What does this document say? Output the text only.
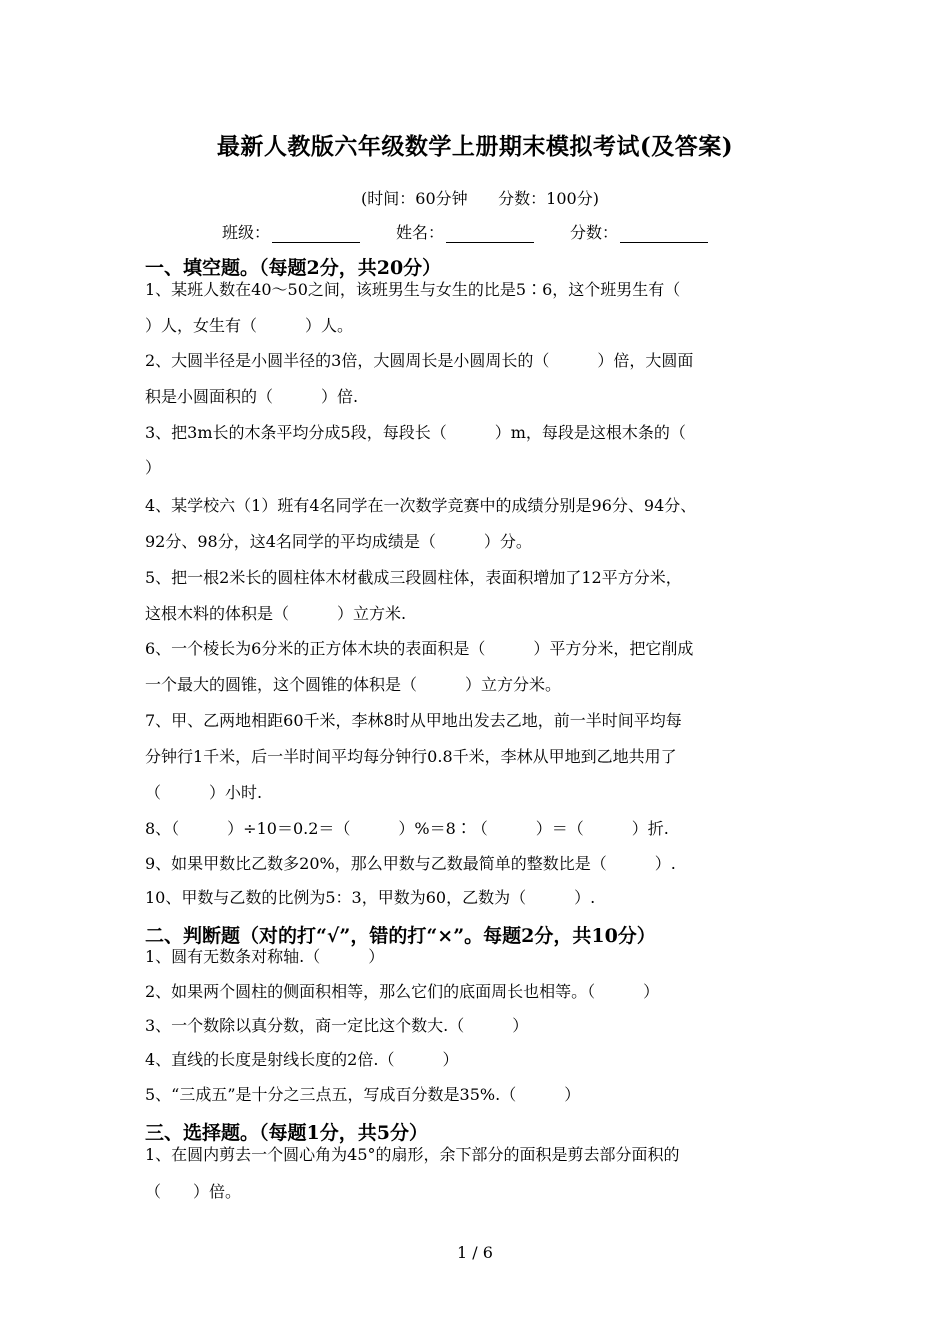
最新人教版六年级数学上册期末模拟考试(及答案)
(时间：60分钟 分数：100分)
班级：	姓名：	分数：
一、填空题。（每题2分，共20分）
1、某班人数在40～50之间，该班男生与女生的比是5∶6，这个班男生有（
）人，女生有（　　　）人。
2、大圆半径是小圆半径的3倍，大圆周长是小圆周长的（　　　）倍，大圆面
积是小圆面积的（　　　）倍.
3、把3m长的木条平均分成5段，每段长（　　　）m，每段是这根木条的（
）
4、某学校六（1）班有4名同学在一次数学竞赛中的成绩分别是96分、94分、
92分、98分，这4名同学的平均成绩是（　　　）分。
5、把一根2米长的圆柱体木材截成三段圆柱体，表面积增加了12平方分米，
这根木料的体积是（　　　）立方米.
6、一个棱长为6分米的正方体木块的表面积是（　　　）平方分米，把它削成
一个最大的圆锥，这个圆锥的体积是（　　　）立方分米。
7、甲、乙两地相距60千米，李林8时从甲地出发去乙地，前一半时间平均每
分钟行1千米，后一半时间平均每分钟行0.8千米，李林从甲地到乙地共用了
（　　　）小时.
8、（　　　）÷10＝0.2＝（　　　）%＝8∶（　　　）＝（　　　）折.
9、如果甲数比乙数多20%，那么甲数与乙数最简单的整数比是（　　　）.
10、甲数与乙数的比例为5：3，甲数为60，乙数为（　　　）.
二、判断题（对的打“√”，错的打“×”。每题2分，共10分）
1、圆有无数条对称轴.（　　　）
2、如果两个圆柱的侧面积相等，那么它们的底面周长也相等。（　　　）
3、一个数除以真分数，商一定比这个数大.（　　　）
4、直线的长度是射线长度的2倍.（　　　）
5、“三成五”是十分之三点五，写成百分数是35%.（　　　）
三、选择题。（每题1分，共5分）
1、在圆内剪去一个圆心角为45°的扇形，余下部分的面积是剪去部分面积的
（　　）倍。
1 / 6
